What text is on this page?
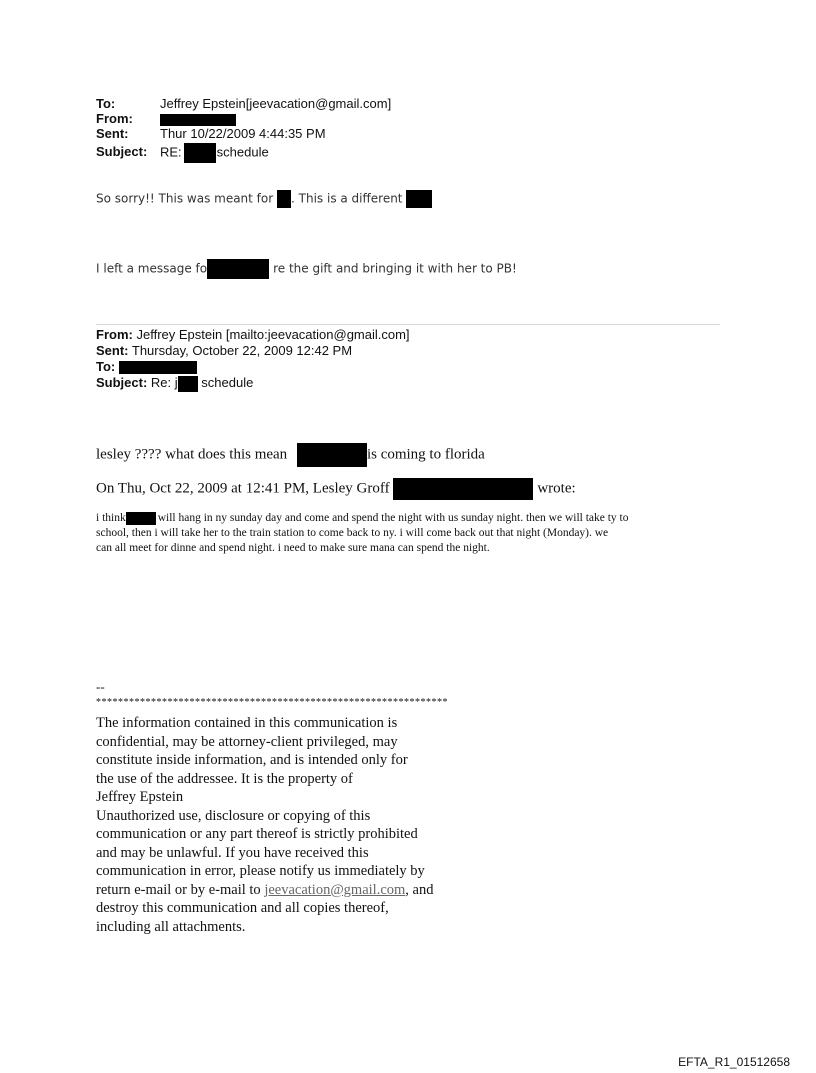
To:	Jeffrey Epstein[jeevacation@gmail.com]
From:
Sent: Thur 10/22/2009 4:44:35 PM
Subject: RE:	schedule
So sorry!! This was meant for . This is a different
I left a message fo	re the gift and bringing it with her to PB!
From: Jeffrey Epstein [mailto:jeevacation@gmail.com]
Sent: Thursday, October 22, 2009 12:42 PM
To:
Subject: Re: j schedule
lesley ???? what does this mean	is coming to florida
On Thu, Oct 22, 2009 at 12:41 PM, Lesley Groff	wrote:
i think	will hang in ny sunday day and come and spend the night with us sunday night. then we will take ty to
school, then i will take her to the train station to come back to ny. i will come back out that night (Monday). we
can all meet for dinne and spend night. i need to make sure mana can spend the night.
--
****************************************************************
The information contained in this communication is
confidential, may be attorney-client privileged, may
constitute inside information, and is intended only for
the use of the addressee. It is the property of
Jeffrey Epstein
Unauthorized use, disclosure or copying of this
communication or any part thereof is strictly prohibited
and may be unlawful. If you have received this
communication in error, please notify us immediately by
return e-mail or by e-mail to jeevacation@gmail.com, and
destroy this communication and all copies thereof,
including all attachments.
EFTA_R1_01512658
